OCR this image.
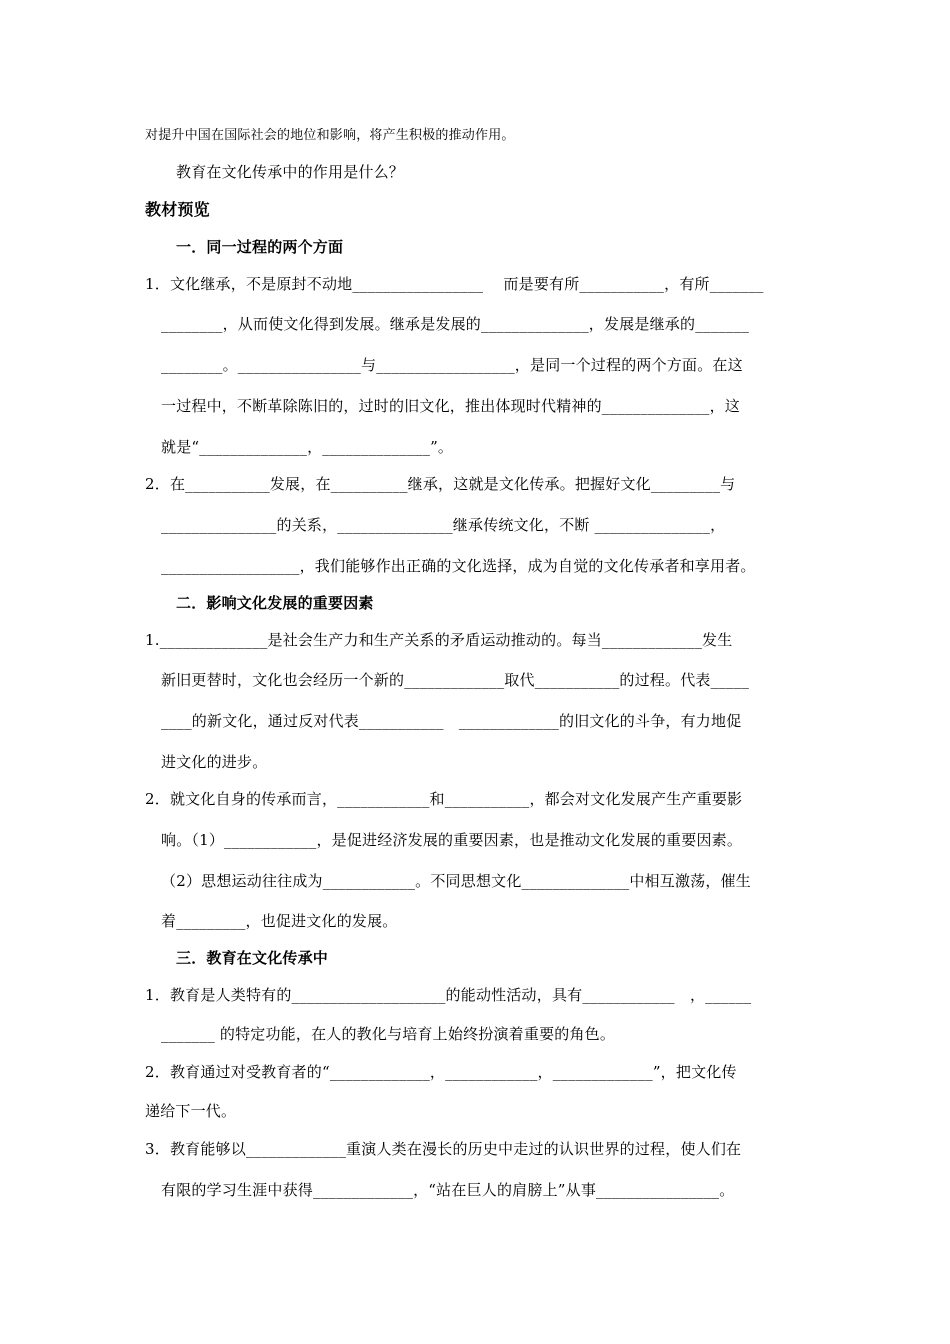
对提升中国在国际社会的地位和影响，将产生积极的推动作用。
教育在文化传承中的作用是什么？
教材预览
一．同一过程的两个方面
1．文化继承，不是原封不动地_________________　 而是要有所___________，有所_______
________，从而使文化得到发展。继承是发展的______________，发展是继承的_______
________。________________与__________________，是同一个过程的两个方面。在这
一过程中，不断革除陈旧的，过时的旧文化，推出体现时代精神的______________，这
就是“______________，______________”。
2．在___________发展，在__________继承，这就是文化传承。把握好文化_________与
_______________的关系，_______________继承传统文化，不断 _______________，
__________________，我们能够作出正确的文化选择，成为自觉的文化传承者和享用者。
二．影响文化发展的重要因素
1.______________是社会生产力和生产关系的矛盾运动推动的。每当_____________发生
新旧更替时，文化也会经历一个新的_____________取代___________的过程。代表_____
____的新文化，通过反对代表___________　_____________的旧文化的斗争，有力地促
进文化的进步。
2．就文化自身的传承而言，____________和___________，都会对文化发展产生产重要影
响。（1）____________，是促进经济发展的重要因素，也是推动文化发展的重要因素。
（2）思想运动往往成为____________。不同思想文化______________中相互激荡，催生
着_________，也促进文化的发展。
三．教育在文化传承中
1．教育是人类特有的____________________的能动性活动，具有____________　，______
_______ 的特定功能，在人的教化与培育上始终扮演着重要的角色。
2．教育通过对受教育者的“_____________，____________，_____________”，把文化传
递给下一代。
3．教育能够以_____________重演人类在漫长的历史中走过的认识世界的过程，使人们在
有限的学习生涯中获得_____________，“站在巨人的肩膀上”从事________________。
